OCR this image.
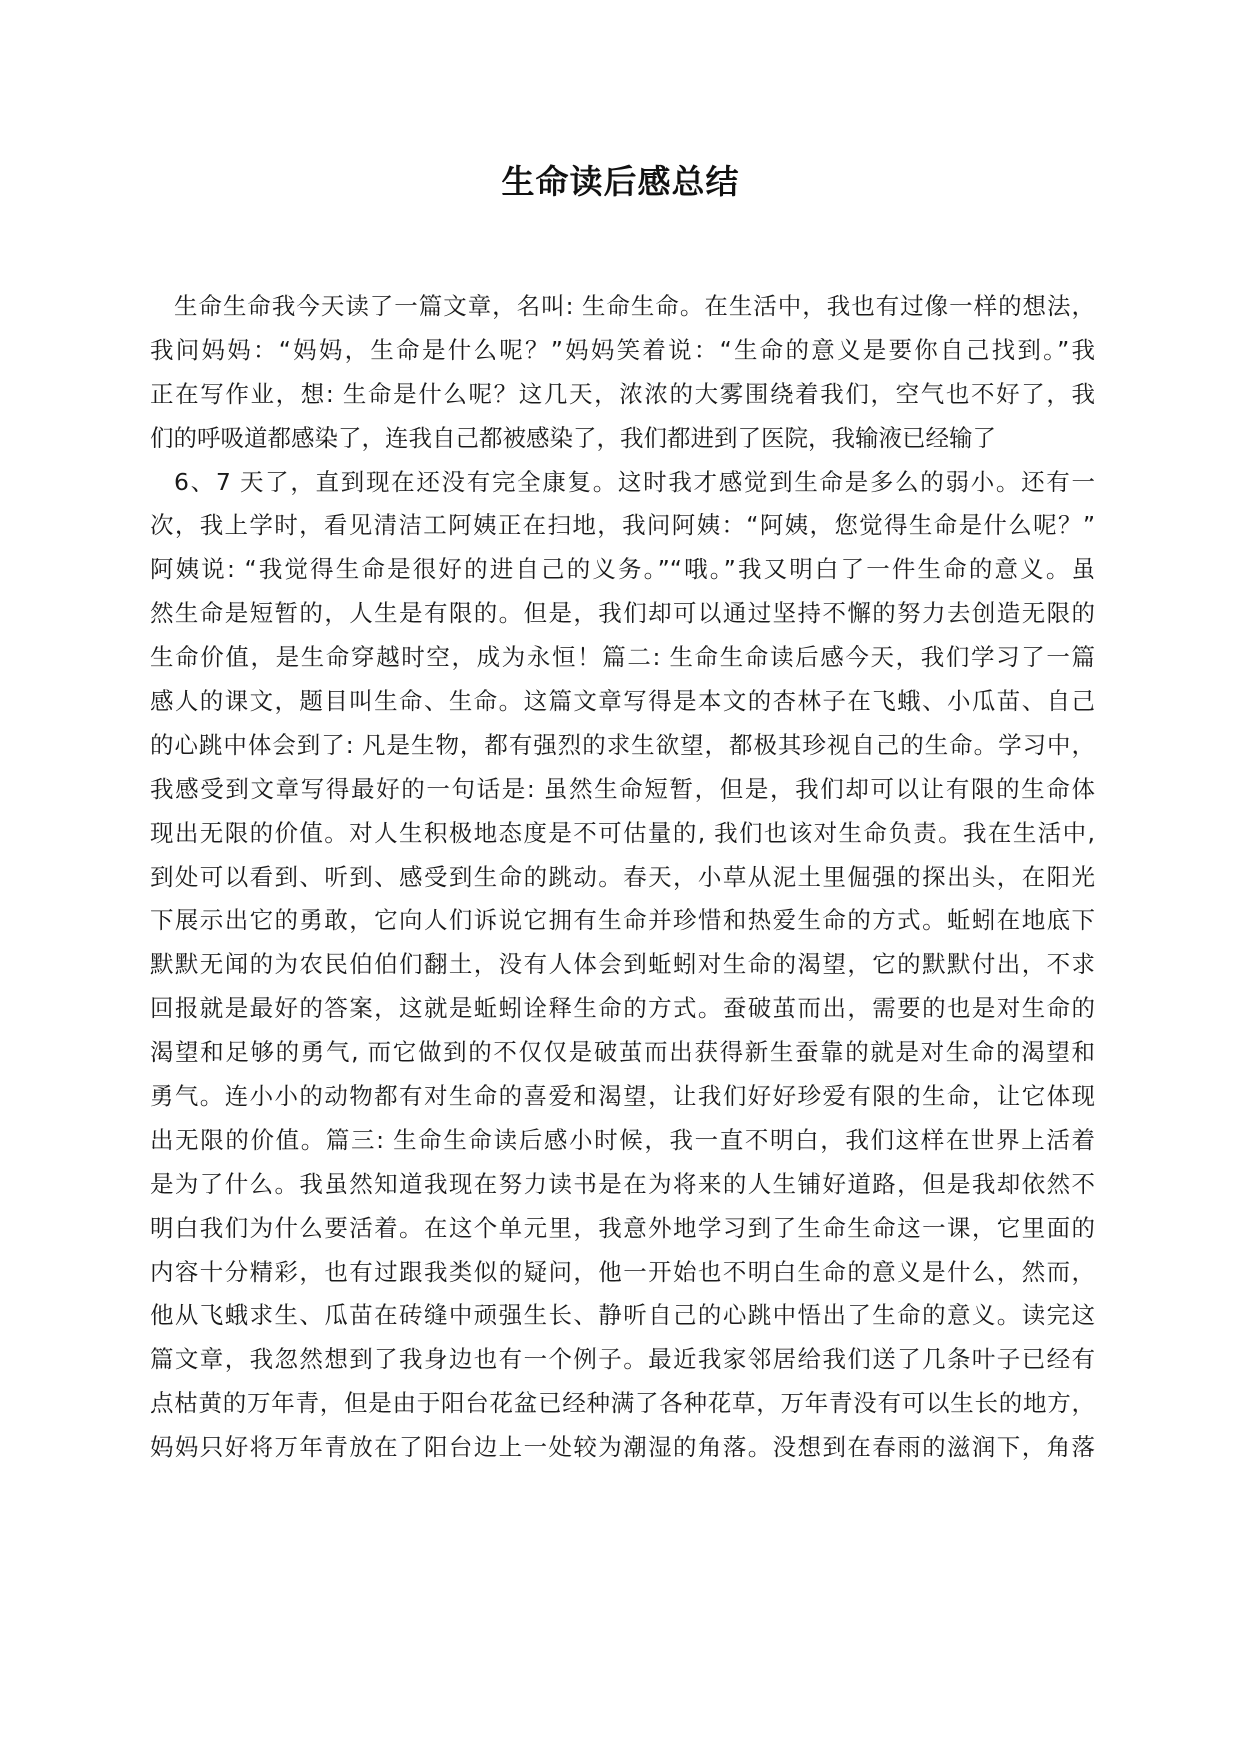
生命读后感总结
生命生命我今天读了一篇文章，名叫: 生命生命。在生活中，我也有过像一样的想法，
我问妈妈：“妈妈，生命是什么呢？”妈妈笑着说：“生命的意义是要你自己找到。”我
正在写作业，想: 生命是什么呢？这几天，浓浓的大雾围绕着我们，空气也不好了，我
们的呼吸道都感染了，连我自己都被感染了，我们都进到了医院，我输液已经输了
6、7 天了，直到现在还没有完全康复。这时我才感觉到生命是多么的弱小。还有一
次，我上学时，看见清洁工阿姨正在扫地，我问阿姨：“阿姨，您觉得生命是什么呢？”
阿姨说: “我觉得生命是很好的进自己的义务。”“哦。”我又明白了一件生命的意义。虽
然生命是短暂的，人生是有限的。但是，我们却可以通过坚持不懈的努力去创造无限的
生命价值，是生命穿越时空，成为永恒！篇二: 生命生命读后感今天，我们学习了一篇
感人的课文，题目叫生命、生命。这篇文章写得是本文的杏林子在飞蛾、小瓜苗、自己
的心跳中体会到了: 凡是生物，都有强烈的求生欲望，都极其珍视自己的生命。学习中，
我感受到文章写得最好的一句话是: 虽然生命短暂，但是，我们却可以让有限的生命体
现出无限的价值。对人生积极地态度是不可估量的, 我们也该对生命负责。我在生活中,
到处可以看到、听到、感受到生命的跳动。春天，小草从泥土里倔强的探出头，在阳光
下展示出它的勇敢，它向人们诉说它拥有生命并珍惜和热爱生命的方式。蚯蚓在地底下
默默无闻的为农民伯伯们翻土，没有人体会到蚯蚓对生命的渴望，它的默默付出，不求
回报就是最好的答案，这就是蚯蚓诠释生命的方式。蚕破茧而出，需要的也是对生命的
渴望和足够的勇气, 而它做到的不仅仅是破茧而出获得新生蚕靠的就是对生命的渴望和
勇气。连小小的动物都有对生命的喜爱和渴望，让我们好好珍爱有限的生命，让它体现
出无限的价值。篇三: 生命生命读后感小时候，我一直不明白，我们这样在世界上活着
是为了什么。我虽然知道我现在努力读书是在为将来的人生铺好道路，但是我却依然不
明白我们为什么要活着。在这个单元里，我意外地学习到了生命生命这一课，它里面的
内容十分精彩，也有过跟我类似的疑问，他一开始也不明白生命的意义是什么，然而，
他从飞蛾求生、瓜苗在砖缝中顽强生长、静听自己的心跳中悟出了生命的意义。读完这
篇文章，我忽然想到了我身边也有一个例子。最近我家邻居给我们送了几条叶子已经有
点枯黄的万年青，但是由于阳台花盆已经种满了各种花草，万年青没有可以生长的地方，
妈妈只好将万年青放在了阳台边上一处较为潮湿的角落。没想到在春雨的滋润下，角落
